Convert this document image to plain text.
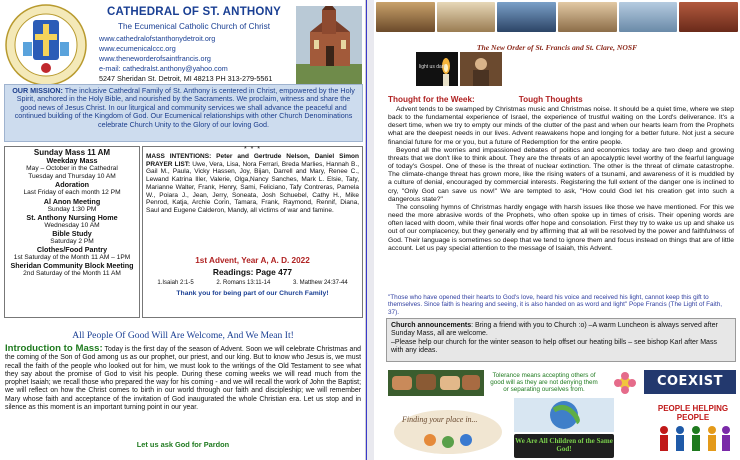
CATHEDRAL OF ST. ANTHONY
The Ecumenical Catholic Church of Christ
www.cathedralofstanthonydetroit.org
www.ecumenicalccc.org
www.theneworderofsaintfrancis.org
e-mail: cathedralst.anthony@yahoo.com
5247 Sheridan St. Detroit, MI 48213 PH 313-279-5561
OUR MISSION: The inclusive Cathedral Family of St. Anthony is centered in Christ, empowered by the Holy Spirit, anchored in the Holy Bible, and nourished by the Sacraments. We proclaim, witness and share the good news of Jesus Christ. In our liturgical and community services we shall advance the peaceful and continued building of the Kingdom of God. Our Ecumenical relationships with other Church Denominations celebrate Church Unity to the Glory of our loving God.
Sunday Mass 11 AM
Weekday Mass
May – October in the Cathedral
Tuesday and Thursday 10 AM
Adoration
Last Friday of each month 12 PM
Al Anon Meeting
Sunday 1:30 PM
St. Anthony Nursing Home
Wednesday 10 AM
Bible Study
Saturday 2 PM
Clothes/Food Pantry
1st Saturday of the Month 11 AM – 1PM
Sheridan Community Block Meeting
2nd Saturday of the Month 11 AM
* * *
MASS INTENTIONS: Peter and Gertrude Nelson, Daniel Simon PRAYER LIST: Uwe, Vera, Lisa, Nora Ferrari, Breda Marlies, Hannah B., Gail M., Paula, Vicky Hassen, Joy, Bijan, Darrell and Mary, Renee C., Lewand Katrina Iller, Valerie, Olga,Nancy Sanches, Mark L. Elsie, Taty, Marianne Walter, Frank, Henry, Sami, Feliciano, Tafy Contreras, Pamela W., Poiara J., Jean, Jerry, Soneata, Josh Schuebel, Cathy H., Mike Penrod, Katja, Archie Corin, Tamara, Frank, Raymond, Rennif, Diana, Saul and Eugene Calderon, Mandy, all victims of war and famine.
1st Advent, Year A, A. D. 2022
Readings: Page 477
1.Isaiah 2:1-5	2. Romans 13:11-14	3. Matthew 24:37-44
Thank you for being part of our Church Family!
All People Of Good Will Are Welcome, And We Mean It!
Introduction to Mass: Today is the first day of the season of Advent. Soon we will celebrate Christmas and the coming of the Son of God among us as our prophet, our priest, and our king. But to know who Jesus is, we must recall the faith of the people who looked out for him, we must look to the writings of the Old Testament to see what they say about the promise of God to visit his people. During these coming weeks we will read much from the prophet Isaiah; we recall those who prepared the way for his coming - and we will recall the work of John the Baptist; we will reflect on how the Christ comes to birth in our world through our faith and discipleship; we will remember Mary whose faith and acceptance of the invitation of God inaugurated the whole Christian era. Let us stop and in silence as this moment is an important turning point in our year.
Let us ask God for Pardon
The New Order of St. Francis and St. Clare, NOSF
light us dark
Thought for the Week:	Tough Thoughts

Advent tends to be swamped by Christmas music and Christmas noise. It should be a quiet time, where we step back to the fundamental experience of Israel, the experience of trustful waiting on the Lord's deliverance. It's a desert time, when we try to empty our minds of the clutter of the past and when our hearts learn from the Prophets what are the deepest needs in our lives. Advent reawakens hope and longing for a better future. Not just a secure financial future for me or you, but a future of Redemption for the entire people.

Beyond all the worries and impassioned debates of politics and economics today are two deep and growing threats that we don't like to think about. They are the threats of an apocalyptic level worthy of the fearful language of today's Gospel. One of these is the threat of nuclear extinction. The other is the threat of climate catastrophe. The climate-change threat has grown more, like the rising waters of a tsunami, and awareness of it is muddled by a culture of denial, encouraged by commercial interests. Registering the full extent of the danger one is inclined to cry, "Only God can save us now!" We are tempted to ask, "How could God let his creation get into such a dangerous state?"

The consoling hymns of Christmas hardly engage with harsh issues like those we have mentioned. For this we need the more abrasive words of the Prophets, who often spoke up in times of crisis. Their opening words are often laced with doom, while their final words offer hope and consolation. First they try to wake us up and shake us out of our complacency, but they generally end by affirming that all will be resolved by the power and faithfulness of God. Their language is sometimes so deep that we tend to ignore them and focus instead on things that are of little account. Let us pay special attention to the message of Isaiah, this Advent.

"Those who have opened their hearts to God's love, heard his voice and received his light, cannot keep this gift to themselves. Since faith is hearing and seeing, it is also handed on as word and light" Pope Francis (The Light of Faith, 37).
Church announcements: Bring a friend with you to Church :o) –A warm Luncheon is always served after Sunday Mass, all are welcome.
–Please help our church for the winter season to help offset our heating bills – see bishop Karl after Mass with any ideas.
Tolerance means accepting others of good will as they are not denying them or separating ourselves from.
COEXIST
Finding your place in...
We Are All Children of the Same God!
PEOPLE HELPING PEOPLE
